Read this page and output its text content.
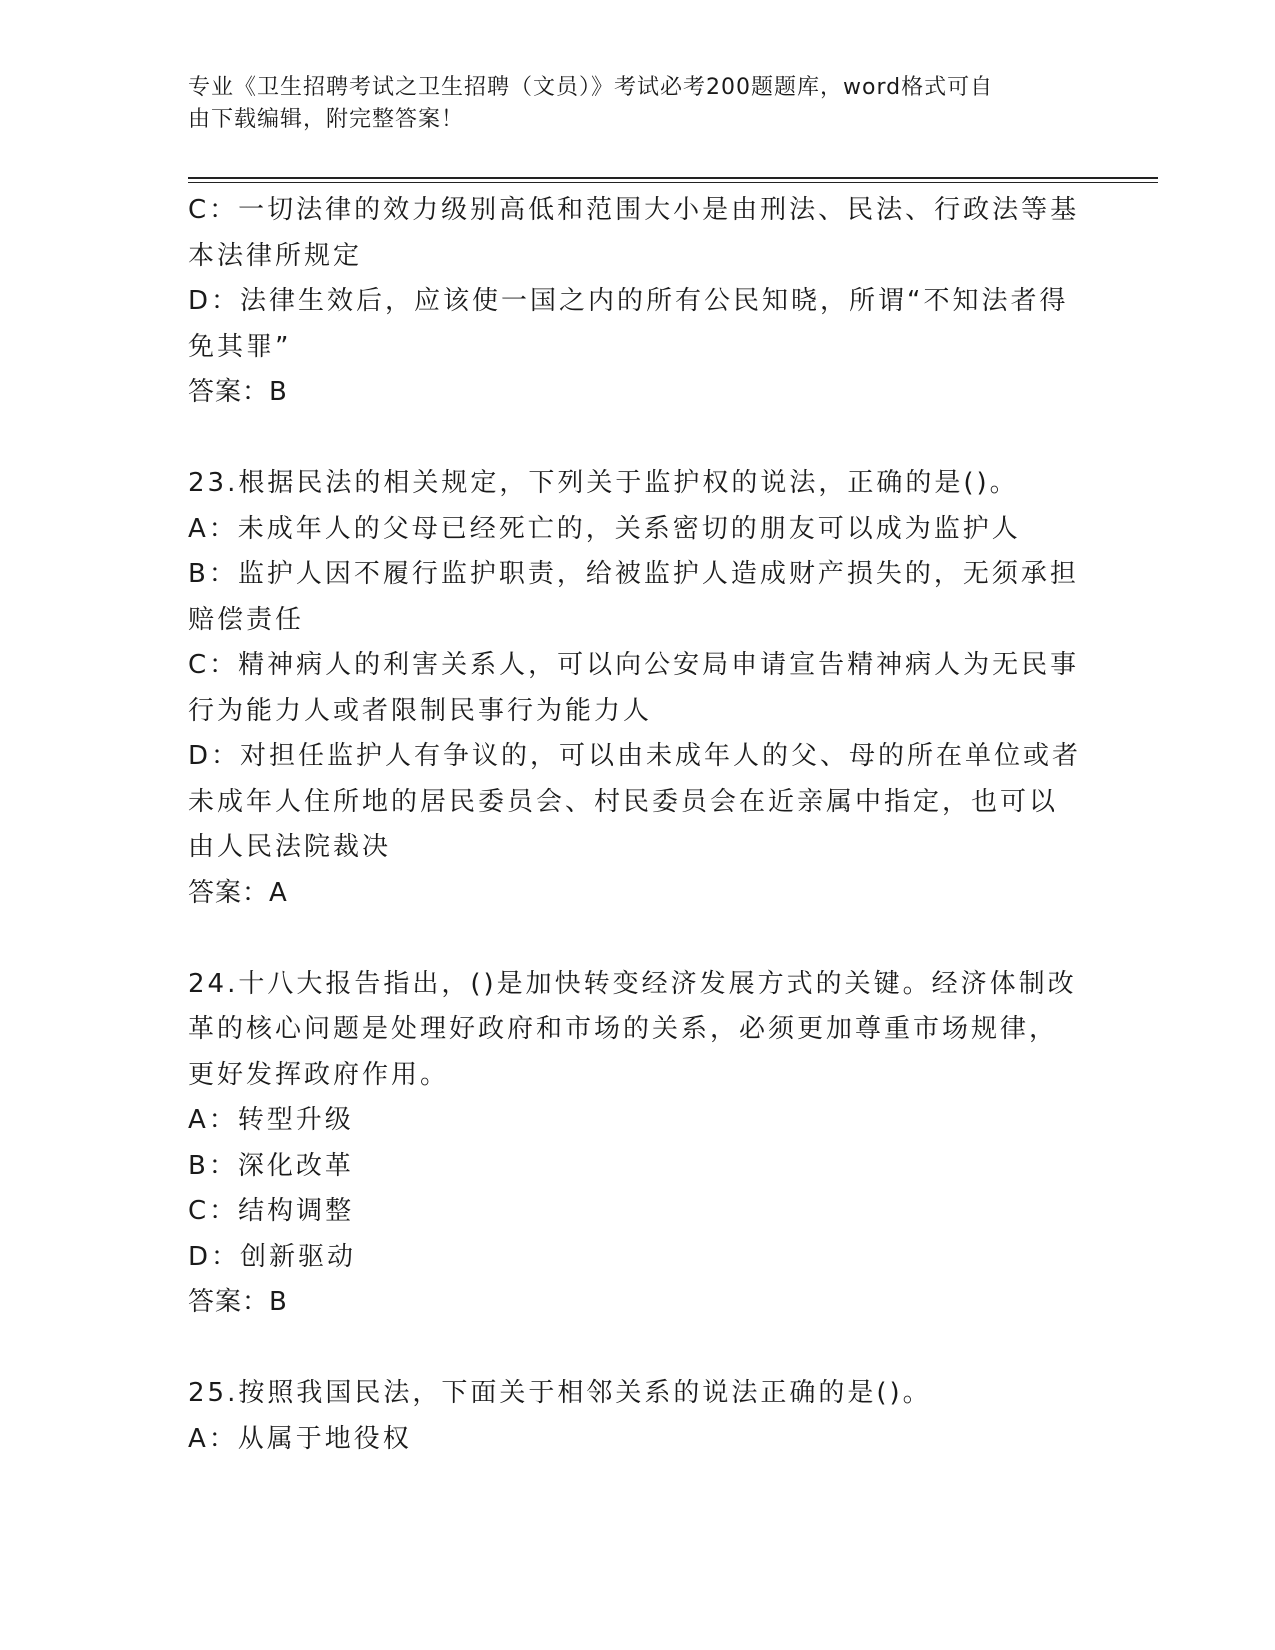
专业《卫生招聘考试之卫生招聘（文员）》考试必考200题题库，word格式可自
由下载编辑，附完整答案！
C：一切法律的效力级别高低和范围大小是由刑法、民法、行政法等基
本法律所规定
D：法律生效后，应该使一国之内的所有公民知晓，所谓“不知法者得
免其罪”
答案：B
23.根据民法的相关规定，下列关于监护权的说法，正确的是()。
A：未成年人的父母已经死亡的，关系密切的朋友可以成为监护人
B：监护人因不履行监护职责，给被监护人造成财产损失的，无须承担
赔偿责任
C：精神病人的利害关系人，可以向公安局申请宣告精神病人为无民事
行为能力人或者限制民事行为能力人
D：对担任监护人有争议的，可以由未成年人的父、母的所在单位或者
未成年人住所地的居民委员会、村民委员会在近亲属中指定，也可以
由人民法院裁决
答案：A
24.十八大报告指出，()是加快转变经济发展方式的关键。经济体制改
革的核心问题是处理好政府和市场的关系，必须更加尊重市场规律，
更好发挥政府作用。
A：转型升级
B：深化改革
C：结构调整
D：创新驱动
答案：B
25.按照我国民法，下面关于相邻关系的说法正确的是()。
A：从属于地役权
